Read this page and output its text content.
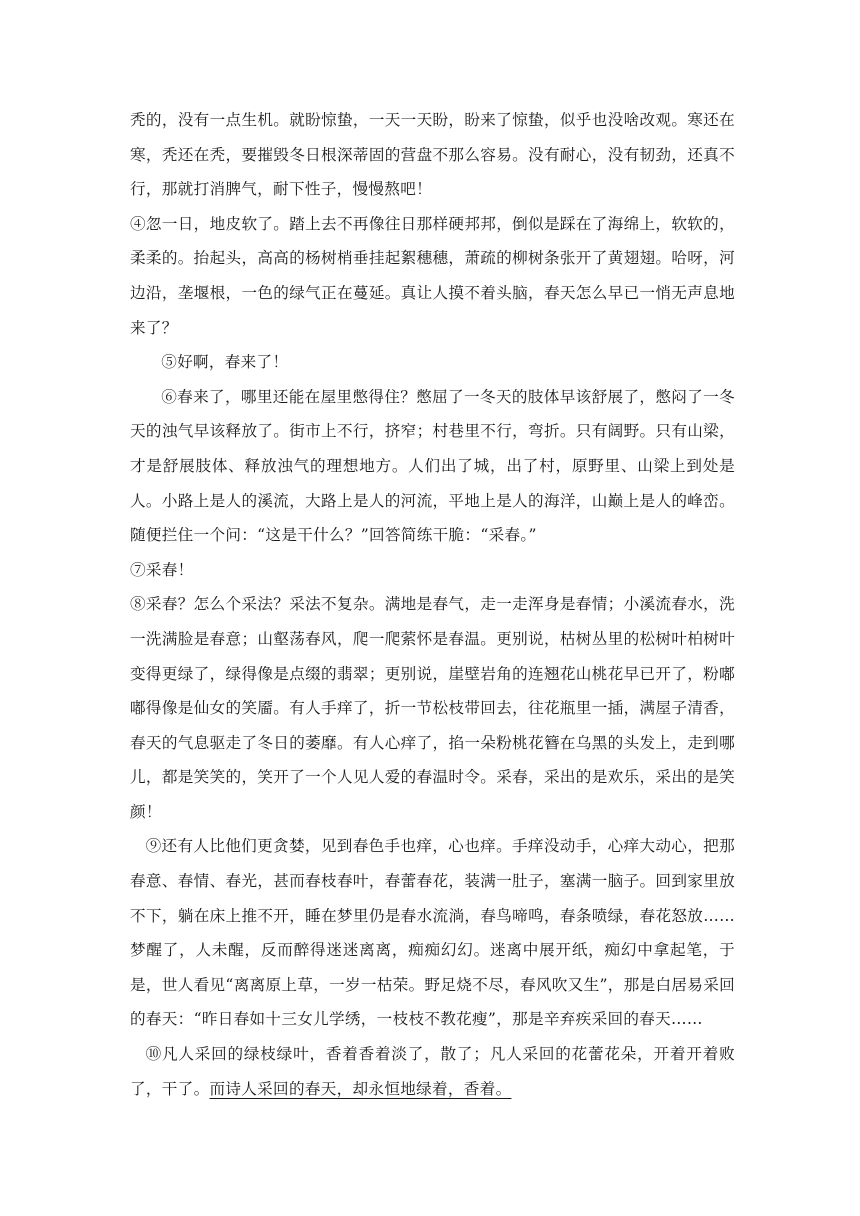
秃的，没有一点生机。就盼惊蛰，一天一天盼，盼来了惊蛰，似乎也没啥改观。寒还在寒，秃还在秃，要摧毁冬日根深蒂固的营盘不那么容易。没有耐心，没有韧劲，还真不行，那就打消脾气，耐下性子，慢慢熬吧！

④忽一日，地皮软了。踏上去不再像往日那样硬邦邦，倒似是踩在了海绵上，软软的，柔柔的。抬起头，高高的杨树梢垂挂起絮穗穗，萧疏的柳树条张开了黄翅翅。哈呀，河边沿，垄堰根，一色的绿气正在蔓延。真让人摸不着头脑，春天怎么早已一悄无声息地来了？

⑤好啊，春来了！

⑥春来了，哪里还能在屋里憋得住？憋屈了一冬天的肢体早该舒展了，憋闷了一冬天的浊气早该释放了。街市上不行，挤窄；村巷里不行，弯折。只有阔野。只有山梁，才是舒展肢体、释放浊气的理想地方。人们出了城，出了村，原野里、山梁上到处是人。小路上是人的溪流，大路上是人的河流，平地上是人的海洋，山巅上是人的峰峦。随便拦住一个问：“这是干什么？”回答简练干脆：“采春。”

⑦采春！

⑧采春？怎么个采法？采法不复杂。满地是春气，走一走浑身是春情；小溪流春水，洗一洗满脸是春意；山壑荡春风，爬一爬萦怀是春温。更别说，枯树丛里的松树叶柏树叶变得更绿了，绿得像是点缀的翡翠；更别说，崖壁岩角的连翘花山桃花早已开了，粉嘟嘟得像是仙女的笑靥。有人手痒了，折一节松枝带回去，往花瓶里一插，满屋子清香，春天的气息驱走了冬日的萎靡。有人心痒了，掐一朵粉桃花簪在乌黑的头发上，走到哪儿，都是笑笑的，笑开了一个人见人爱的春温时令。采春，采出的是欢乐，采出的是笑颜！

⑨还有人比他们更贪婪，见到春色手也痒，心也痒。手痒没动手，心痒大动心，把那春意、春情、春光，甚而春枝春叶，春蕾春花，装满一肚子，塞满一脑子。回到家里放不下，躺在床上推不开，睡在梦里仍是春水流淌，春鸟啼鸣，春条喷绿，春花怒放……梦醒了，人未醒，反而醉得迷迷离离，痴痴幻幻。迷离中展开纸，痴幻中拿起笔，于是，世人看见“离离原上草，一岁一枯荣。野足烧不尽，春风吹又生”，那是白居易采回的春天：“昨日春如十三女儿学绣，一枝枝不教花瘦”，那是辛弃疾采回的春天……

⑩凡人采回的绿枝绿叶，香着香着淡了，散了；凡人采回的花蕾花朵，开着开着败了，干了。而诗人采回的春天，却永恒地绿着，香着。
